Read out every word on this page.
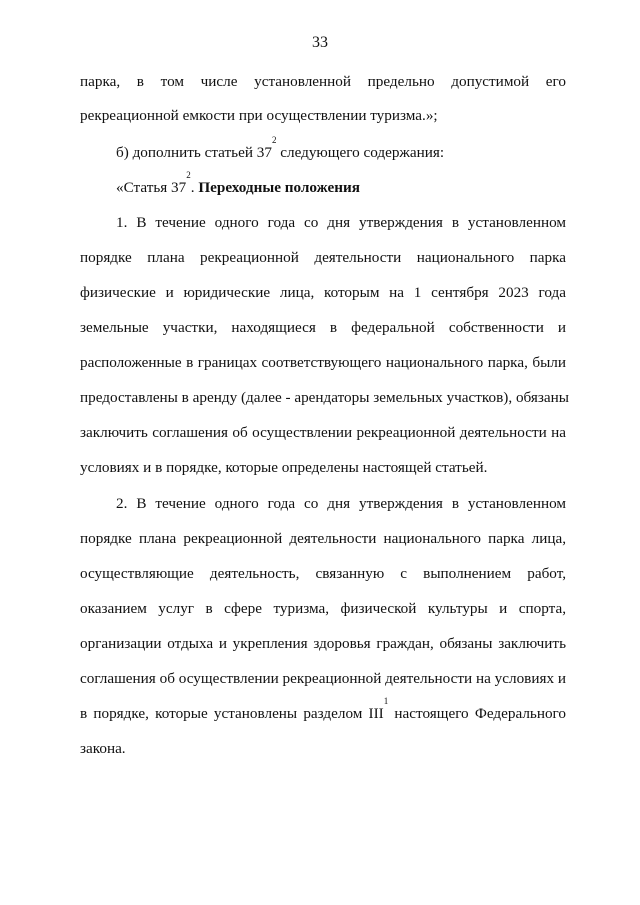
33
парка, в том числе установленной предельно допустимой его
рекреационной емкости при осуществлении туризма.»;
б) дополнить статьей $37^2$ следующего содержания:
«Статья $37^2$. Переходные положения
1. В течение одного года со дня утверждения в установленном
порядке плана рекреационной деятельности национального парка
физические и юридические лица, которым на 1 сентября 2023 года
земельные участки, находящиеся в федеральной собственности и
расположенные в границах соответствующего национального парка, были
предоставлены в аренду (далее - арендаторы земельных участков), обязаны
заключить соглашения об осуществлении рекреационной деятельности на
условиях и в порядке, которые определены настоящей статьей.
2. В течение одного года со дня утверждения в установленном
порядке плана рекреационной деятельности национального парка лица,
осуществляющие деятельность, связанную с выполнением работ,
оказанием услуг в сфере туризма, физической культуры и спорта,
организации отдыха и укрепления здоровья граждан, обязаны заключить
соглашения об осуществлении рекреационной деятельности на условиях и
в порядке, которые установлены разделом III$^1$ настоящего Федерального
закона.
